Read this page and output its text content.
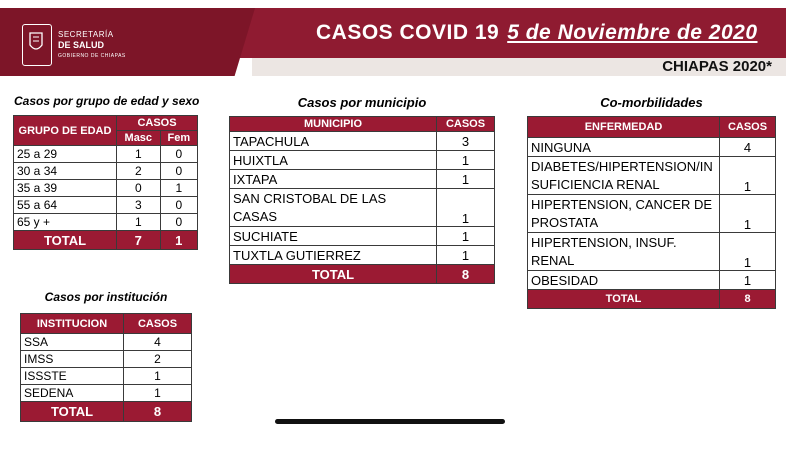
SECRETARÍA
DE SALUD
GOBIERNO DE CHIAPAS
CASOS COVID 19 5 de Noviembre de 2020
CHIAPAS 2020*
Casos por grupo de edad y sexo
GRUPO DE EDAD	CASOS	
	Masc	Fem
25 a 29	1	0
30 a 34	2	0
35 a 39	0	1
55 a 64	3	0
65 y +	1	0
TOTAL	7	1
Casos por institución
INSTITUCION	CASOS
SSA	4
IMSS	2
ISSSTE	1
SEDENA	1
TOTAL	8
Casos por municipio
MUNICIPIO	CASOS
TAPACHULA	3
HUIXTLA	1
IXTAPA	1
SAN CRISTOBAL DE LAS CASAS	1
SUCHIATE	1
TUXTLA GUTIERREZ	1
TOTAL	8
Co-morbilidades
ENFERMEDAD	CASOS
NINGUNA	4
DIABETES/HIPERTENSION/INSUFICIENCIA RENAL	1
HIPERTENSION, CANCER DE PROSTATA	1
HIPERTENSION, INSUF. RENAL	1
OBESIDAD	1
TOTAL	8
